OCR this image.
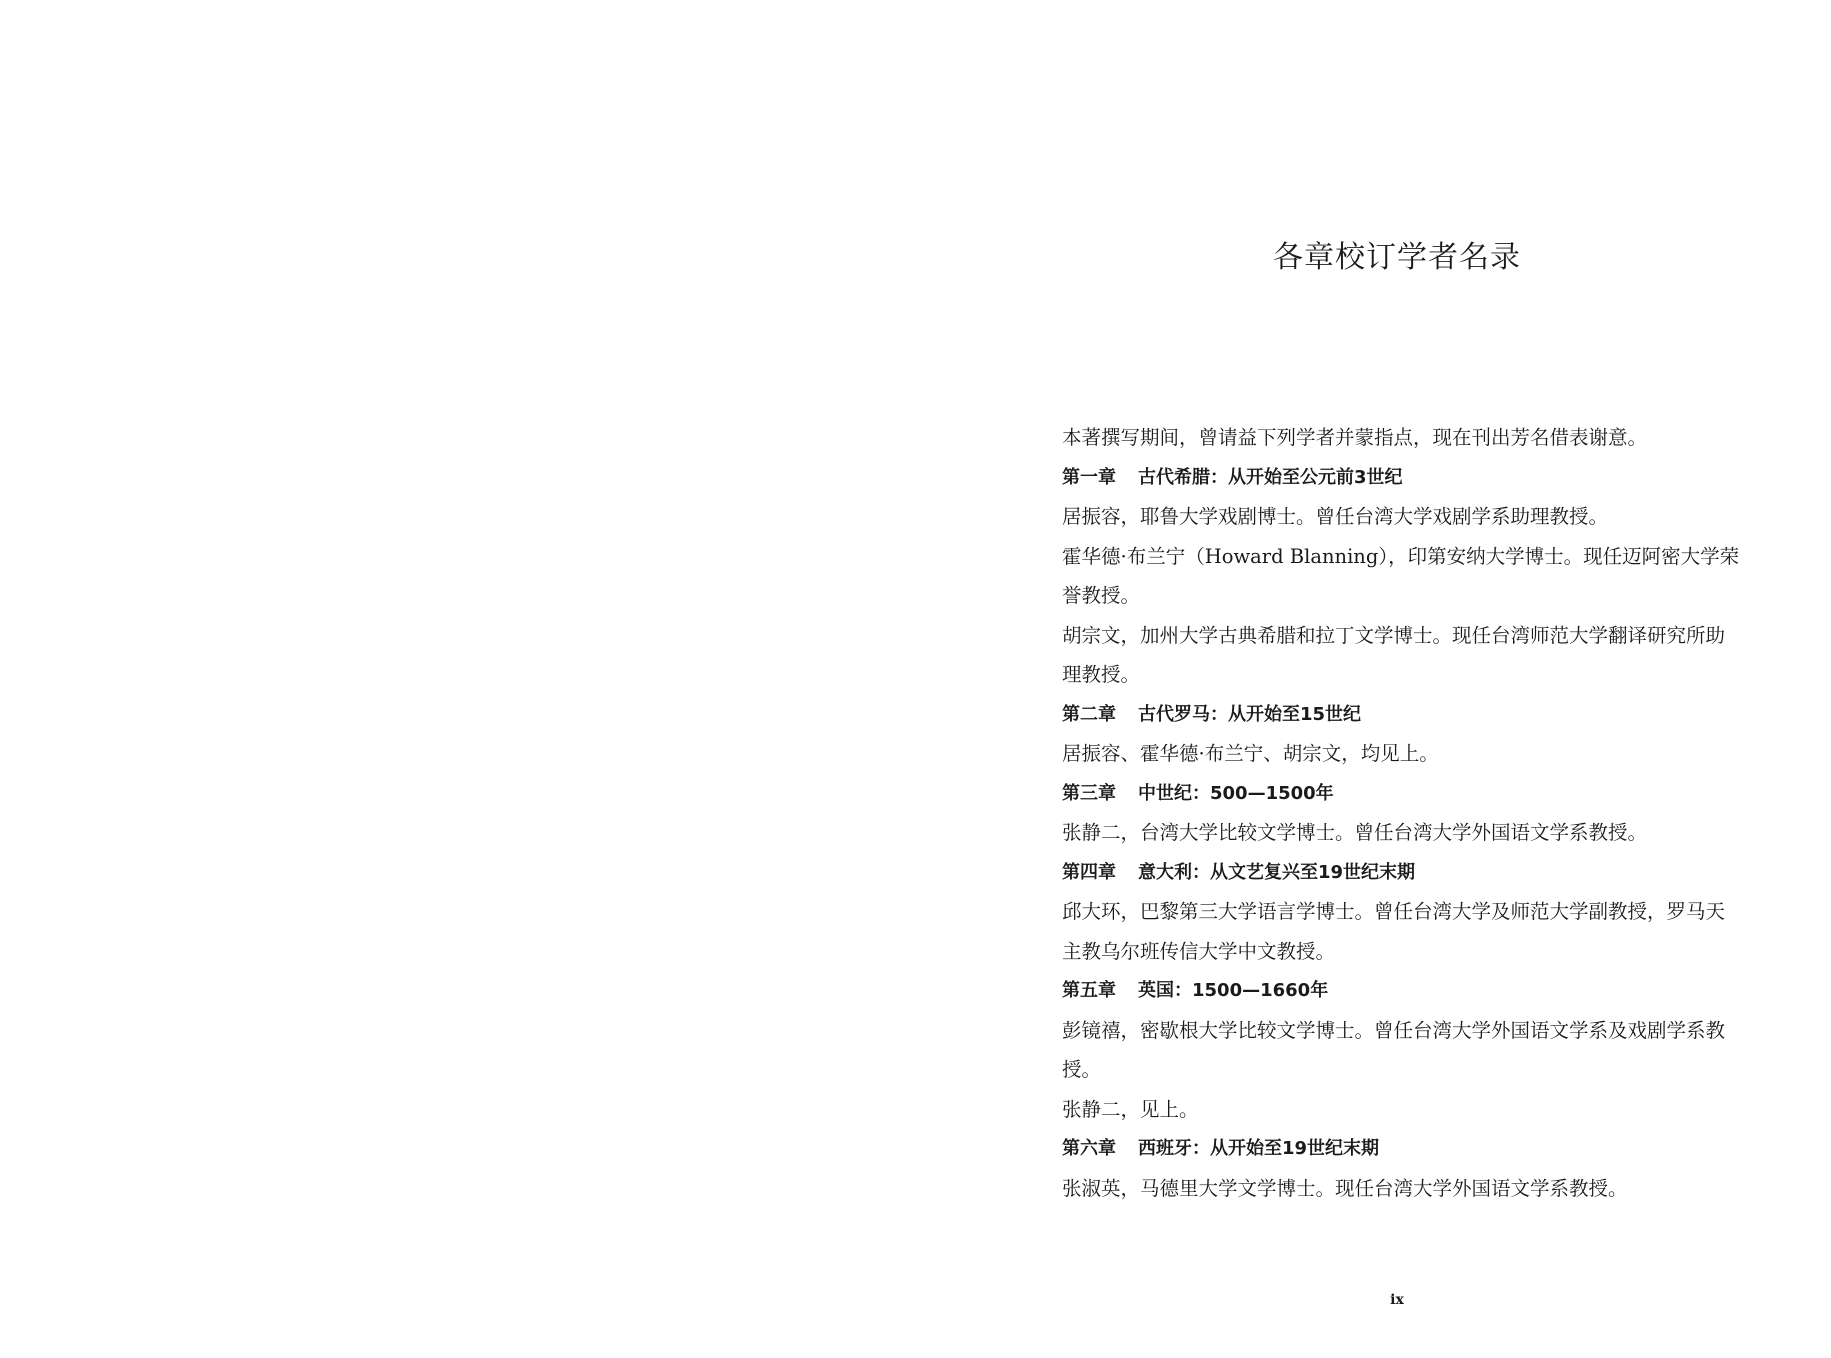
各章校订学者名录

本著撰写期间，曾请益下列学者并蒙指点，现在刊出芳名借表谢意。

第一章 古代希腊：从开始至公元前3世纪

居振容，耶鲁大学戏剧博士。曾任台湾大学戏剧学系助理教授。

霍华德·布兰宁（Howard Blanning），印第安纳大学博士。现任迈阿密大学荣誉教授。

胡宗文，加州大学古典希腊和拉丁文学博士。现任台湾师范大学翻译研究所助理教授。

第二章 古代罗马：从开始至15世纪

居振容、霍华德·布兰宁、胡宗文，均见上。

第三章 中世纪：500—1500年

张静二，台湾大学比较文学博士。曾任台湾大学外国语文学系教授。

第四章 意大利：从文艺复兴至19世纪末期

邱大环，巴黎第三大学语言学博士。曾任台湾大学及师范大学副教授，罗马天主教乌尔班传信大学中文教授。

第五章 英国：1500—1660年

彭镜禧，密歇根大学比较文学博士。曾任台湾大学外国语文学系及戏剧学系教授。

张静二，见上。

第六章 西班牙：从开始至19世纪末期

张淑英，马德里大学文学博士。现任台湾大学外国语文学系教授。

ix
